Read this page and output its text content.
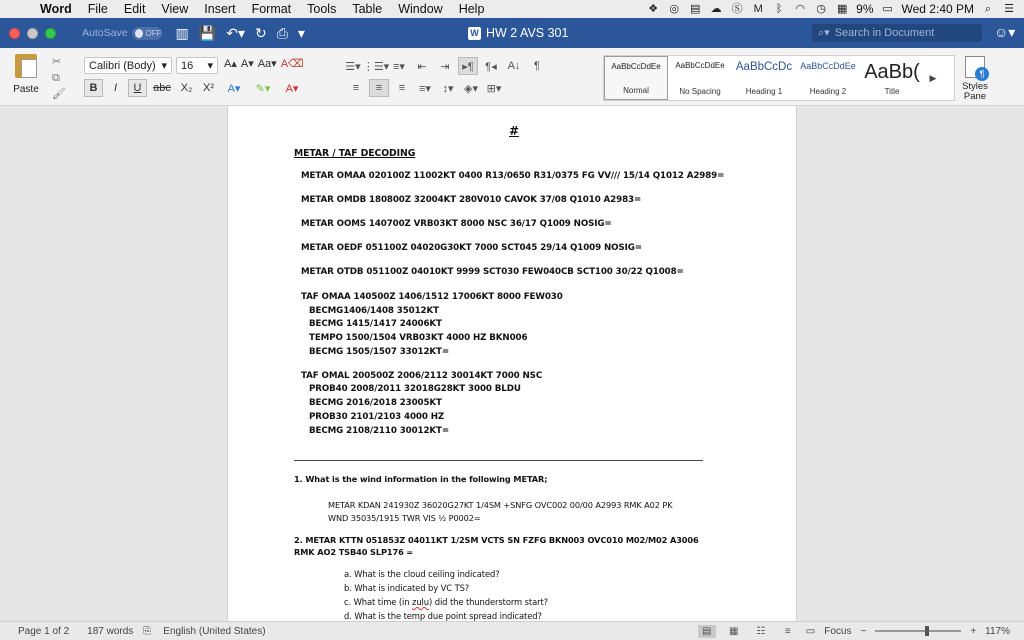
Word	File	Edit	View	Insert	Format	Tools	Table	Window	Help	❖ ◎ ▤ ☁ Ⓢ M	ᛒ	◠ ◷ ▦ 9% ▭ Wed 2:40 PM ⌕	☰
AutoSave OFF ▥ 💾 ↶▾ ↻ ⎙ ▾	W HW 2 AVS 301	⌕▾ Search in Document	☺▾
Paste
✂
⧉
🖌
Calibri (Body) ▾ 16 ▾ A▴ A▾ Aa▾ A⌫
B	I	U	abc X₂ X²	A▾	✎▾	A▾
☰▾ ⋮☰▾ ≡▾	⇤	⇥	▸¶	¶◂ A↓	¶
≡	≡	≡	≡▾	↕▾ ◈▾ ⊞▾
AaBbCcDdEe
Normal
AaBbCcDdEe
No Spacing
AaBbCcDc
Heading 1
AaBbCcDdEe
Heading 2
AaBb(
Title
▶
¶
Styles
Pane
#
METAR / TAF DECODING
METAR OMAA 020100Z 11002KT 0400 R13/0650 R31/0375 FG VV/// 15/14 Q1012 A2989=
METAR OMDB 180800Z 32004KT 280V010 CAVOK 37/08 Q1010 A2983=
METAR OOMS 140700Z VRB03KT 8000 NSC 36/17 Q1009 NOSIG=
METAR OEDF 051100Z 04020G30KT 7000 SCT045 29/14 Q1009 NOSIG=
METAR OTDB 051100Z 04010KT 9999 SCT030 FEW040CB SCT100 30/22 Q1008=
TAF OMAA 140500Z 1406/1512 17006KT 8000 FEW030
BECMG1406/1408 35012KT
BECMG 1415/1417 24006KT
TEMPO 1500/1504 VRB03KT 4000 HZ BKN006
BECMG 1505/1507 33012KT=
TAF OMAL 200500Z 2006/2112 30014KT 7000 NSC
PROB40 2008/2011 32018G28KT 3000 BLDU
BECMG 2016/2018 23005KT
PROB30 2101/2103 4000 HZ
BECMG 2108/2110 30012KT=
1. What is the wind information in the following METAR;
METAR KDAN 241930Z 36020G27KT 1/4SM +SNFG OVC002 00/00 A2993 RMK A02 PK
WND 35035/1915 TWR VIS ½ P0002=
2. METAR KTTN 051853Z 04011KT 1/2SM VCTS SN FZFG BKN003 OVC010 M02/M02 A3006
RMK AO2 TSB40 SLP176 =
a. What is the cloud ceiling indicated?
b. What is indicated by VC TS?
c. What time (in zulu) did the thunderstorm start?
d. What is the temp due point spread indicated?
Page 1 of 2	187 words	⎘	English (United States)	▤	▦	☷	≡	▭ Focus −	+ 117%
